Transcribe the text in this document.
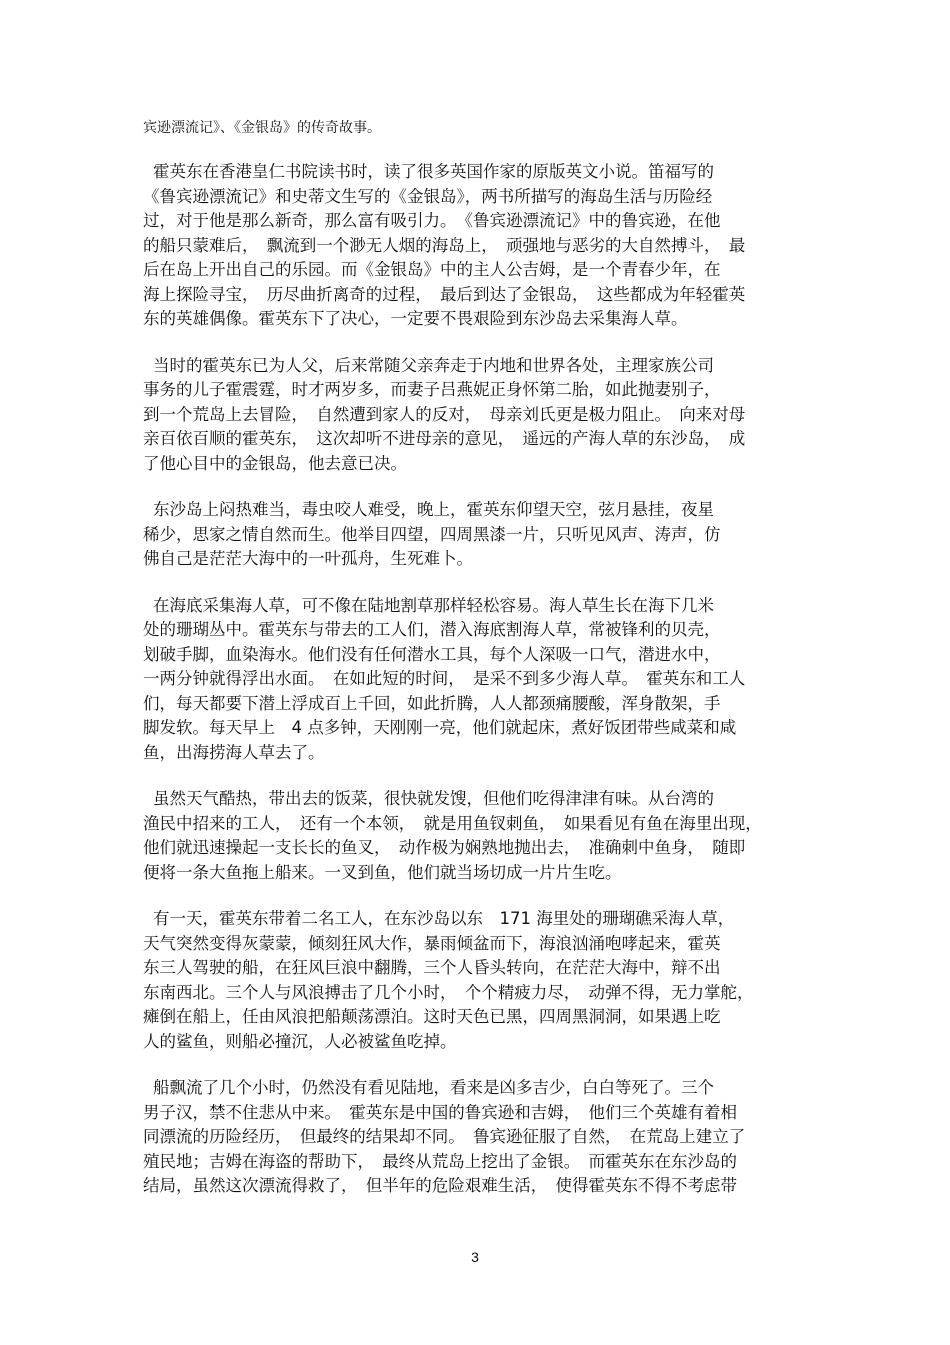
宾逊漂流记》、《金银岛》的传奇故事。
霍英东在香港皇仁书院读书时，读了很多英国作家的原版英文小说。笛福写的
《鲁宾逊漂流记》和史蒂文生写的《金银岛》，两书所描写的海岛生活与历险经
过，对于他是那么新奇，那么富有吸引力。　《鲁宾逊漂流记》中的鲁宾逊，在他
的船只蒙难后，　飘流到一个渺无人烟的海岛上，　顽强地与恶劣的大自然搏斗，　最
后在岛上开出自己的乐园。而《金银岛》中的主人公吉姆，是一个青春少年，在
海上探险寻宝，　历尽曲折离奇的过程，　最后到达了金银岛，　这些都成为年轻霍英
东的英雄偶像。霍英东下了决心，一定要不畏艰险到东沙岛去采集海人草。
当时的霍英东已为人父，后来常随父亲奔走于内地和世界各处，主理家族公司
事务的儿子霍震霆，时才两岁多，而妻子吕燕妮正身怀第二胎，如此抛妻别子，
到一个荒岛上去冒险，　自然遭到家人的反对，　母亲刘氏更是极力阻止。　向来对母
亲百依百顺的霍英东，　这次却听不进母亲的意见，　遥远的产海人草的东沙岛，　成
了他心目中的金银岛，他去意已决。
东沙岛上闷热难当，毒虫咬人难受，晚上，霍英东仰望天空，弦月悬挂，夜星
稀少，思家之情自然而生。他举目四望，四周黑漆一片，只听见风声、涛声，仿
佛自己是茫茫大海中的一叶孤舟，生死难卜。
在海底采集海人草，可不像在陆地割草那样轻松容易。海人草生长在海下几米
处的珊瑚丛中。霍英东与带去的工人们，潜入海底割海人草，常被锋利的贝壳，
划破手脚，血染海水。他们没有任何潜水工具，每个人深吸一口气，潜进水中，
一两分钟就得浮出水面。　在如此短的时间，　是采不到多少海人草。　霍英东和工人
们，每天都要下潜上浮成百上千回，如此折腾，人人都颈痛腰酸，浑身散架，手
脚发软。每天早上　4 点多钟，天刚刚一亮，他们就起床，煮好饭团带些咸菜和咸
鱼，出海捞海人草去了。
虽然天气酷热，带出去的饭菜，很快就发馊，但他们吃得津津有味。从台湾的
渔民中招来的工人，　还有一个本领，　就是用鱼钗刺鱼，　如果看见有鱼在海里出现，
他们就迅速操起一支长长的鱼叉，　动作极为娴熟地抛出去，　准确刺中鱼身，　随即
便将一条大鱼拖上船来。一叉到鱼，他们就当场切成一片片生吃。
有一天，霍英东带着二名工人，在东沙岛以东　171 海里处的珊瑚礁采海人草，
天气突然变得灰蒙蒙，倾刻狂风大作，暴雨倾盆而下，海浪汹涌咆哮起来，霍英
东三人驾驶的船，在狂风巨浪中翻腾，三个人昏头转向，在茫茫大海中，辩不出
东南西北。三个人与风浪搏击了几个小时，　个个精疲力尽，　动弹不得，无力掌舵，
瘫倒在船上，任由风浪把船颠荡漂泊。这时天色已黑，四周黑洞洞，如果遇上吃
人的鲨鱼，则船必撞沉，人必被鲨鱼吃掉。
船飘流了几个小时，仍然没有看见陆地，看来是凶多吉少，白白等死了。三个
男子汉，禁不住悲从中来。　霍英东是中国的鲁宾逊和吉姆，　他们三个英雄有着相
同漂流的历险经历，　但最终的结果却不同。　鲁宾逊征服了自然，　在荒岛上建立了
殖民地；吉姆在海盗的帮助下，　最终从荒岛上挖出了金银。　而霍英东在东沙岛的
结局，虽然这次漂流得救了，　但半年的危险艰难生活，　使得霍英东不得不考虑带
3
